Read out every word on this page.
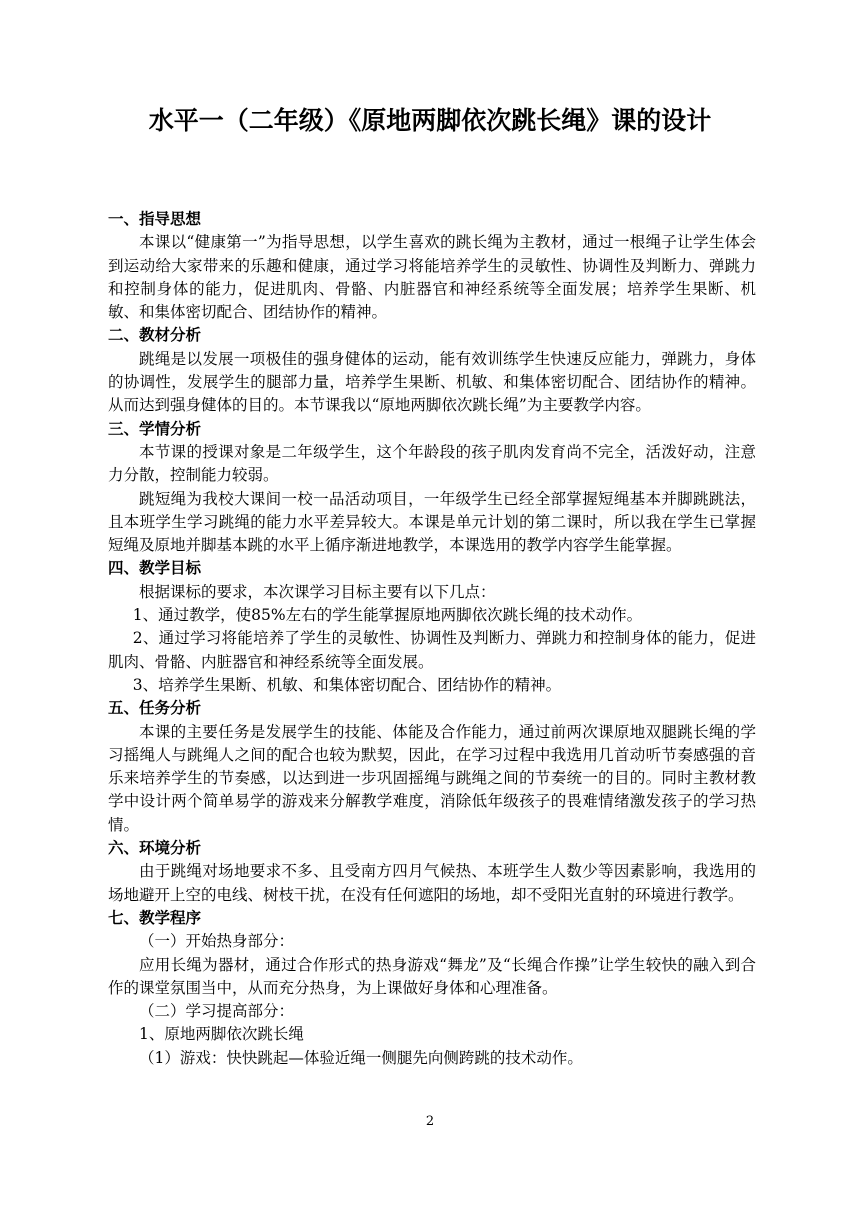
水平一（二年级）《原地两脚依次跳长绳》课的设计
一、指导思想
本课以“健康第一”为指导思想，以学生喜欢的跳长绳为主教材，通过一根绳子让学生体会到运动给大家带来的乐趣和健康，通过学习将能培养学生的灵敏性、协调性及判断力、弹跳力和控制身体的能力，促进肌肉、骨骼、内脏器官和神经系统等全面发展；培养学生果断、机敏、和集体密切配合、团结协作的精神。
二、教材分析
跳绳是以发展一项极佳的强身健体的运动，能有效训练学生快速反应能力，弹跳力，身体的协调性，发展学生的腿部力量，培养学生果断、机敏、和集体密切配合、团结协作的精神。从而达到强身健体的目的。本节课我以“原地两脚依次跳长绳”为主要教学内容。
三、学情分析
本节课的授课对象是二年级学生，这个年龄段的孩子肌肉发育尚不完全，活泼好动，注意力分散，控制能力较弱。
跳短绳为我校大课间一校一品活动项目，一年级学生已经全部掌握短绳基本并脚跳跳法，且本班学生学习跳绳的能力水平差异较大。本课是单元计划的第二课时，所以我在学生已掌握短绳及原地并脚基本跳的水平上循序渐进地教学，本课选用的教学内容学生能掌握。
四、教学目标
根据课标的要求，本次课学习目标主要有以下几点：
1、通过教学，使85%左右的学生能掌握原地两脚依次跳长绳的技术动作。
2、通过学习将能培养了学生的灵敏性、协调性及判断力、弹跳力和控制身体的能力，促进肌肉、骨骼、内脏器官和神经系统等全面发展。
3、培养学生果断、机敏、和集体密切配合、团结协作的精神。
五、任务分析
本课的主要任务是发展学生的技能、体能及合作能力，通过前两次课原地双腿跳长绳的学习摇绳人与跳绳人之间的配合也较为默契，因此，在学习过程中我选用几首动听节奏感强的音乐来培养学生的节奏感，以达到进一步巩固摇绳与跳绳之间的节奏统一的目的。同时主教材教学中设计两个简单易学的游戏来分解教学难度，消除低年级孩子的畏难情绪激发孩子的学习热情。
六、环境分析
由于跳绳对场地要求不多、且受南方四月气候热、本班学生人数少等因素影响，我选用的场地避开上空的电线、树枝干扰，在没有任何遮阳的场地，却不受阳光直射的环境进行教学。
七、教学程序
（一）开始热身部分：
应用长绳为器材，通过合作形式的热身游戏“舞龙”及“长绳合作操”让学生较快的融入到合作的课堂氛围当中，从而充分热身，为上课做好身体和心理准备。
（二）学习提高部分：
1、原地两脚依次跳长绳
（1）游戏：快快跳起—体验近绳一侧腿先向侧跨跳的技术动作。
2
